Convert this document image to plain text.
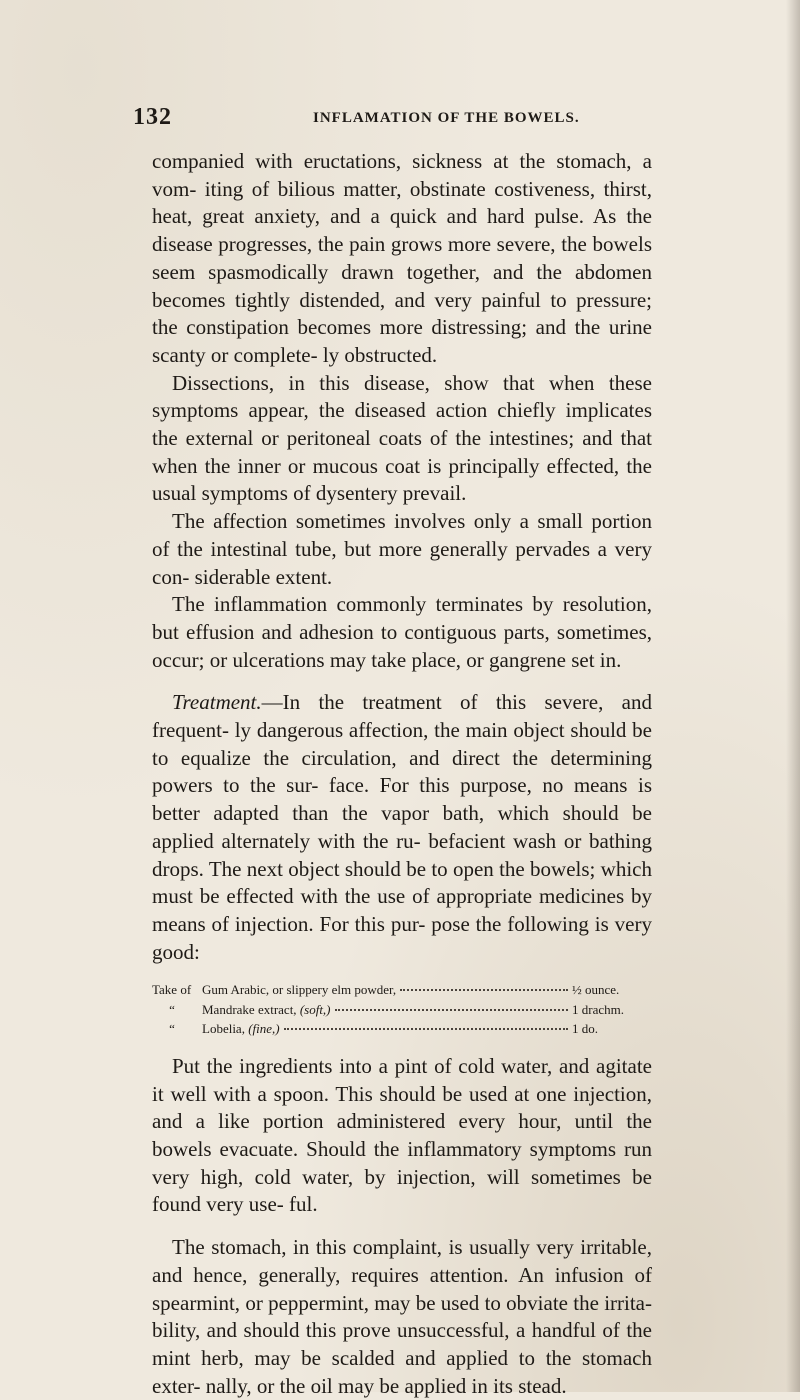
132	INFLAMATION OF THE BOWELS.

companied with eructations, sickness at the stomach, a vom- iting of bilious matter, obstinate costiveness, thirst, heat, great anxiety, and a quick and hard pulse. As the disease progresses, the pain grows more severe, the bowels seem spasmodically drawn together, and the abdomen becomes tightly distended, and very painful to pressure; the constipation becomes more distressing; and the urine scanty or complete- ly obstructed.

Dissections, in this disease, show that when these symptoms appear, the diseased action chiefly implicates the external or peritoneal coats of the intestines; and that when the inner or mucous coat is principally effected, the usual symptoms of dysentery prevail.

The affection sometimes involves only a small portion of the intestinal tube, but more generally pervades a very con- siderable extent.

The inflammation commonly terminates by resolution, but effusion and adhesion to contiguous parts, sometimes, occur; or ulcerations may take place, or gangrene set in.

Treatment.—In the treatment of this severe, and frequent- ly dangerous affection, the main object should be to equalize the circulation, and direct the determining powers to the sur- face. For this purpose, no means is better adapted than the vapor bath, which should be applied alternately with the ru- befacient wash or bathing drops. The next object should be to open the bowels; which must be effected with the use of appropriate medicines by means of injection. For this pur- pose the following is very good:

Take of Gum Arabic, or slippery elm powder,	½ ounce.
“	Mandrake extract, (soft,)	1 drachm.
“	Lobelia, (fine,)	1 do.

Put the ingredients into a pint of cold water, and agitate it well with a spoon. This should be used at one injection, and a like portion administered every hour, until the bowels evacuate. Should the inflammatory symptoms run very high, cold water, by injection, will sometimes be found very use- ful.

The stomach, in this complaint, is usually very irritable, and hence, generally, requires attention. An infusion of spearmint, or peppermint, may be used to obviate the irrita- bility, and should this prove unsuccessful, a handful of the mint herb, may be scalded and applied to the stomach exter- nally, or the oil may be applied in its stead.
